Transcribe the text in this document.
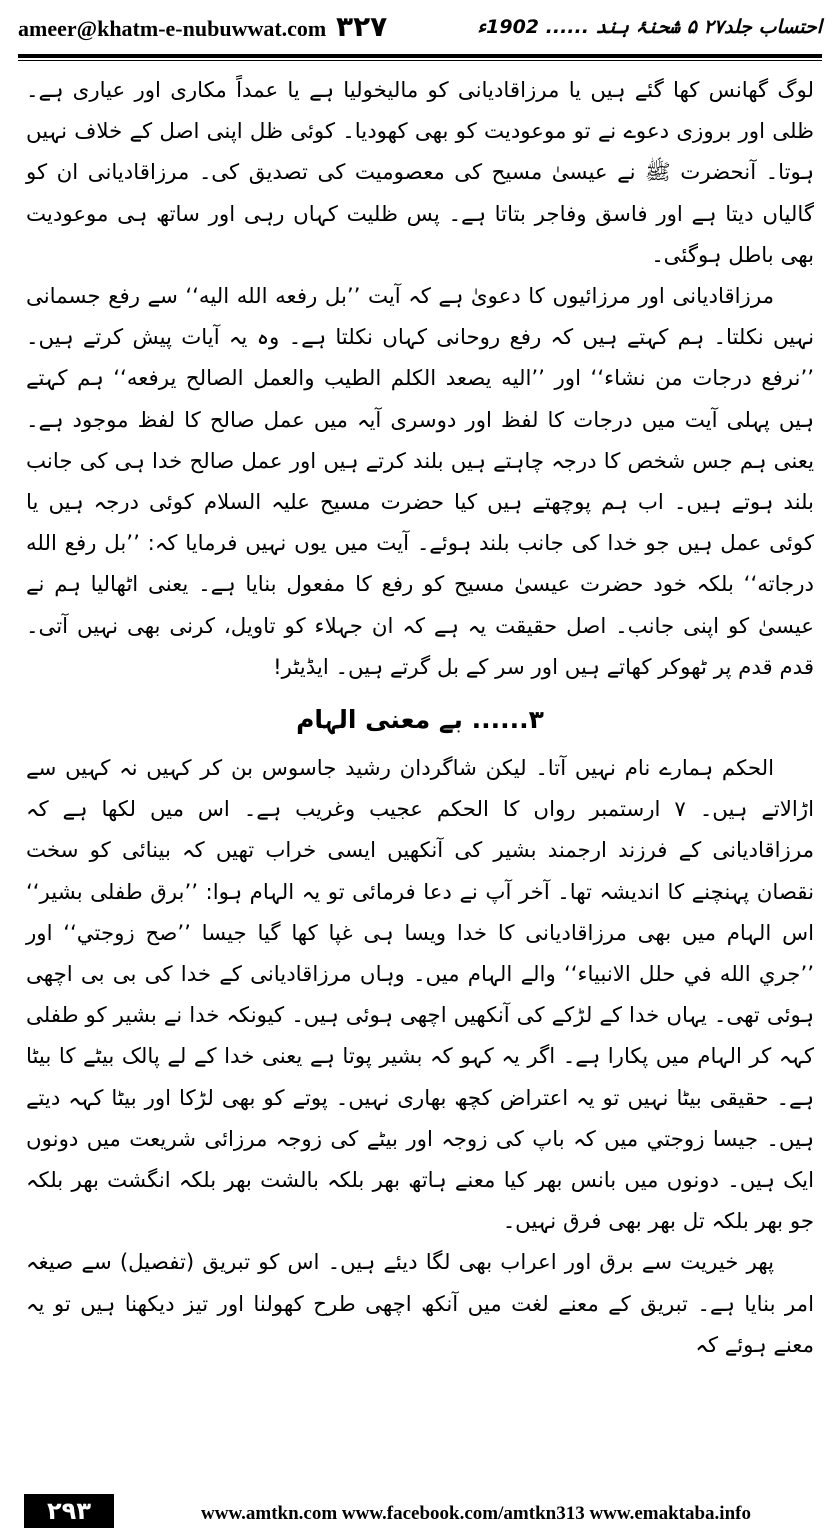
ameer@khatm-e-nubuwwat.com ۳۲۷	احتساب جلد۲۷ ۵ شحنۂ ہند ...... 1902ء

لوگ گھانس کھا گئے ہیں یا مرزاقادیانی کو مالیخولیا ہے یا عمداً مکاری اور عیاری ہے۔ ظلی اور بروزی دعوے نے تو موعودیت کو بھی کھودیا۔ کوئی ظل اپنی اصل کے خلاف نہیں ہوتا۔ آنحضرت ﷺ نے عیسیٰ مسیح کی معصومیت کی تصدیق کی۔ مرزاقادیانی ان کو گالیاں دیتا ہے اور فاسق وفاجر بتاتا ہے۔ پس ظلیت کہاں رہی اور ساتھ ہی موعودیت بھی باطل ہوگئی۔

مرزاقادیانی اور مرزائیوں کا دعویٰ ہے کہ آیت ’’بل رفعه الله اليه‘‘ سے رفع جسمانی نہیں نکلتا۔ ہم کہتے ہیں کہ رفع روحانی کہاں نکلتا ہے۔ وہ یہ آیات پیش کرتے ہیں۔ ’’نرفع درجات من نشاء‘‘ اور ’’اليه يصعد الكلم الطيب والعمل الصالح يرفعه‘‘ ہم کہتے ہیں پہلی آیت میں درجات کا لفظ اور دوسری آیہ میں عمل صالح کا لفظ موجود ہے۔ یعنی ہم جس شخص کا درجہ چاہتے ہیں بلند کرتے ہیں اور عمل صالح خدا ہی کی جانب بلند ہوتے ہیں۔ اب ہم پوچھتے ہیں کیا حضرت مسیح علیہ السلام کوئی درجہ ہیں یا کوئی عمل ہیں جو خدا کی جانب بلند ہوئے۔ آیت میں یوں نہیں فرمایا کہ: ’’بل رفع الله درجاته‘‘ بلکہ خود حضرت عیسیٰ مسیح کو رفع کا مفعول بنایا ہے۔ یعنی اٹھالیا ہم نے عیسیٰ کو اپنی جانب۔ اصل حقیقت یہ ہے کہ ان جہلاء کو تاویل، کرنی بھی نہیں آتی۔ قدم قدم پر ٹھوکر کھاتے ہیں اور سر کے بل گرتے ہیں۔ ایڈیٹر!

۳...... بے معنی الہام

الحکم ہمارے نام نہیں آتا۔ لیکن شاگردان رشید جاسوس بن کر کہیں نہ کہیں سے اڑالاتے ہیں۔ ۷ ارستمبر رواں کا الحکم عجیب وغریب ہے۔ اس میں لکھا ہے کہ مرزاقادیانی کے فرزند ارجمند بشیر کی آنکھیں ایسی خراب تھیں کہ بینائی کو سخت نقصان پہنچنے کا اندیشہ تھا۔ آخر آپ نے دعا فرمائی تو یہ الہام ہوا: ’’برق طفلی بشیر‘‘ اس الہام میں بھی مرزاقادیانی کا خدا ویسا ہی غپا کھا گیا جیسا ’’صح زوجتي‘‘ اور ’’جري الله في حلل الانبياء‘‘ والے الہام میں۔ وہاں مرزاقادیانی کے خدا کی بی بی اچھی ہوئی تھی۔ یہاں خدا کے لڑکے کی آنکھیں اچھی ہوئی ہیں۔ کیونکہ خدا نے بشیر کو طفلی کہہ کر الہام میں پکارا ہے۔ اگر یہ کہو کہ بشیر پوتا ہے یعنی خدا کے لے پالک بیٹے کا بیٹا ہے۔ حقیقی بیٹا نہیں تو یہ اعتراض کچھ بھاری نہیں۔ پوتے کو بھی لڑکا اور بیٹا کہہ دیتے ہیں۔ جیسا زوجتي میں کہ باپ کی زوجہ اور بیٹے کی زوجہ مرزائی شریعت میں دونوں ایک ہیں۔ دونوں میں بانس بھر کیا معنے ہاتھ بھر بلکہ بالشت بھر بلکہ انگشت بھر بلکہ جو بھر بلکہ تل بھر بھی فرق نہیں۔

پھر خیریت سے برق اور اعراب بھی لگا دیئے ہیں۔ اس کو تبریق (تفصیل) سے صیغہ امر بنایا ہے۔ تبریق کے معنے لغت میں آنکھ اچھی طرح کھولنا اور تیز دیکھنا ہیں تو یہ معنے ہوئے کہ

۲۹۳	www.amtkn.com www.facebook.com/amtkn313 www.emaktaba.info
